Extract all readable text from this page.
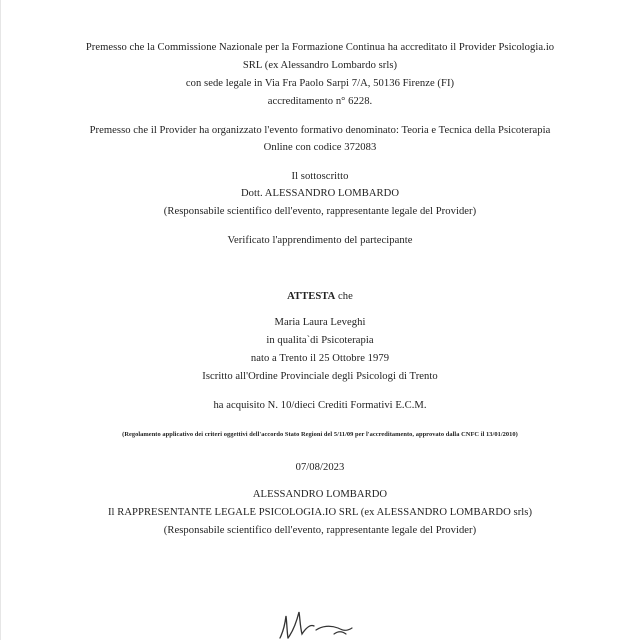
Premesso che la Commissione Nazionale per la Formazione Continua ha accreditato il Provider Psicologia.io
SRL (ex Alessandro Lombardo srls)
con sede legale in Via Fra Paolo Sarpi 7/A, 50136 Firenze (FI)
accreditamento n° 6228.
Premesso che il Provider ha organizzato l'evento formativo denominato: Teoria e Tecnica della Psicoterapia
Online con codice 372083
Il sottoscritto
Dott. ALESSANDRO LOMBARDO
(Responsabile scientifico dell'evento, rappresentante legale del Provider)
Verificato l'apprendimento del partecipante
ATTESTA che
Maria Laura Leveghi
in qualita`di Psicoterapia
nato a Trento il 25 Ottobre 1979
Iscritto all'Ordine Provinciale degli Psicologi di Trento
ha acquisito N. 10/dieci Crediti Formativi E.C.M.
(Regolamento applicativo dei criteri oggettivi dell'accordo Stato Regioni del 5/11/09 per l'accreditamento, approvato dalla CNFC il 13/01/2010)
07/08/2023
ALESSANDRO LOMBARDO
Il RAPPRESENTANTE LEGALE PSICOLOGIA.IO SRL (ex ALESSANDRO LOMBARDO srls)
(Responsabile scientifico dell'evento, rappresentante legale del Provider)
